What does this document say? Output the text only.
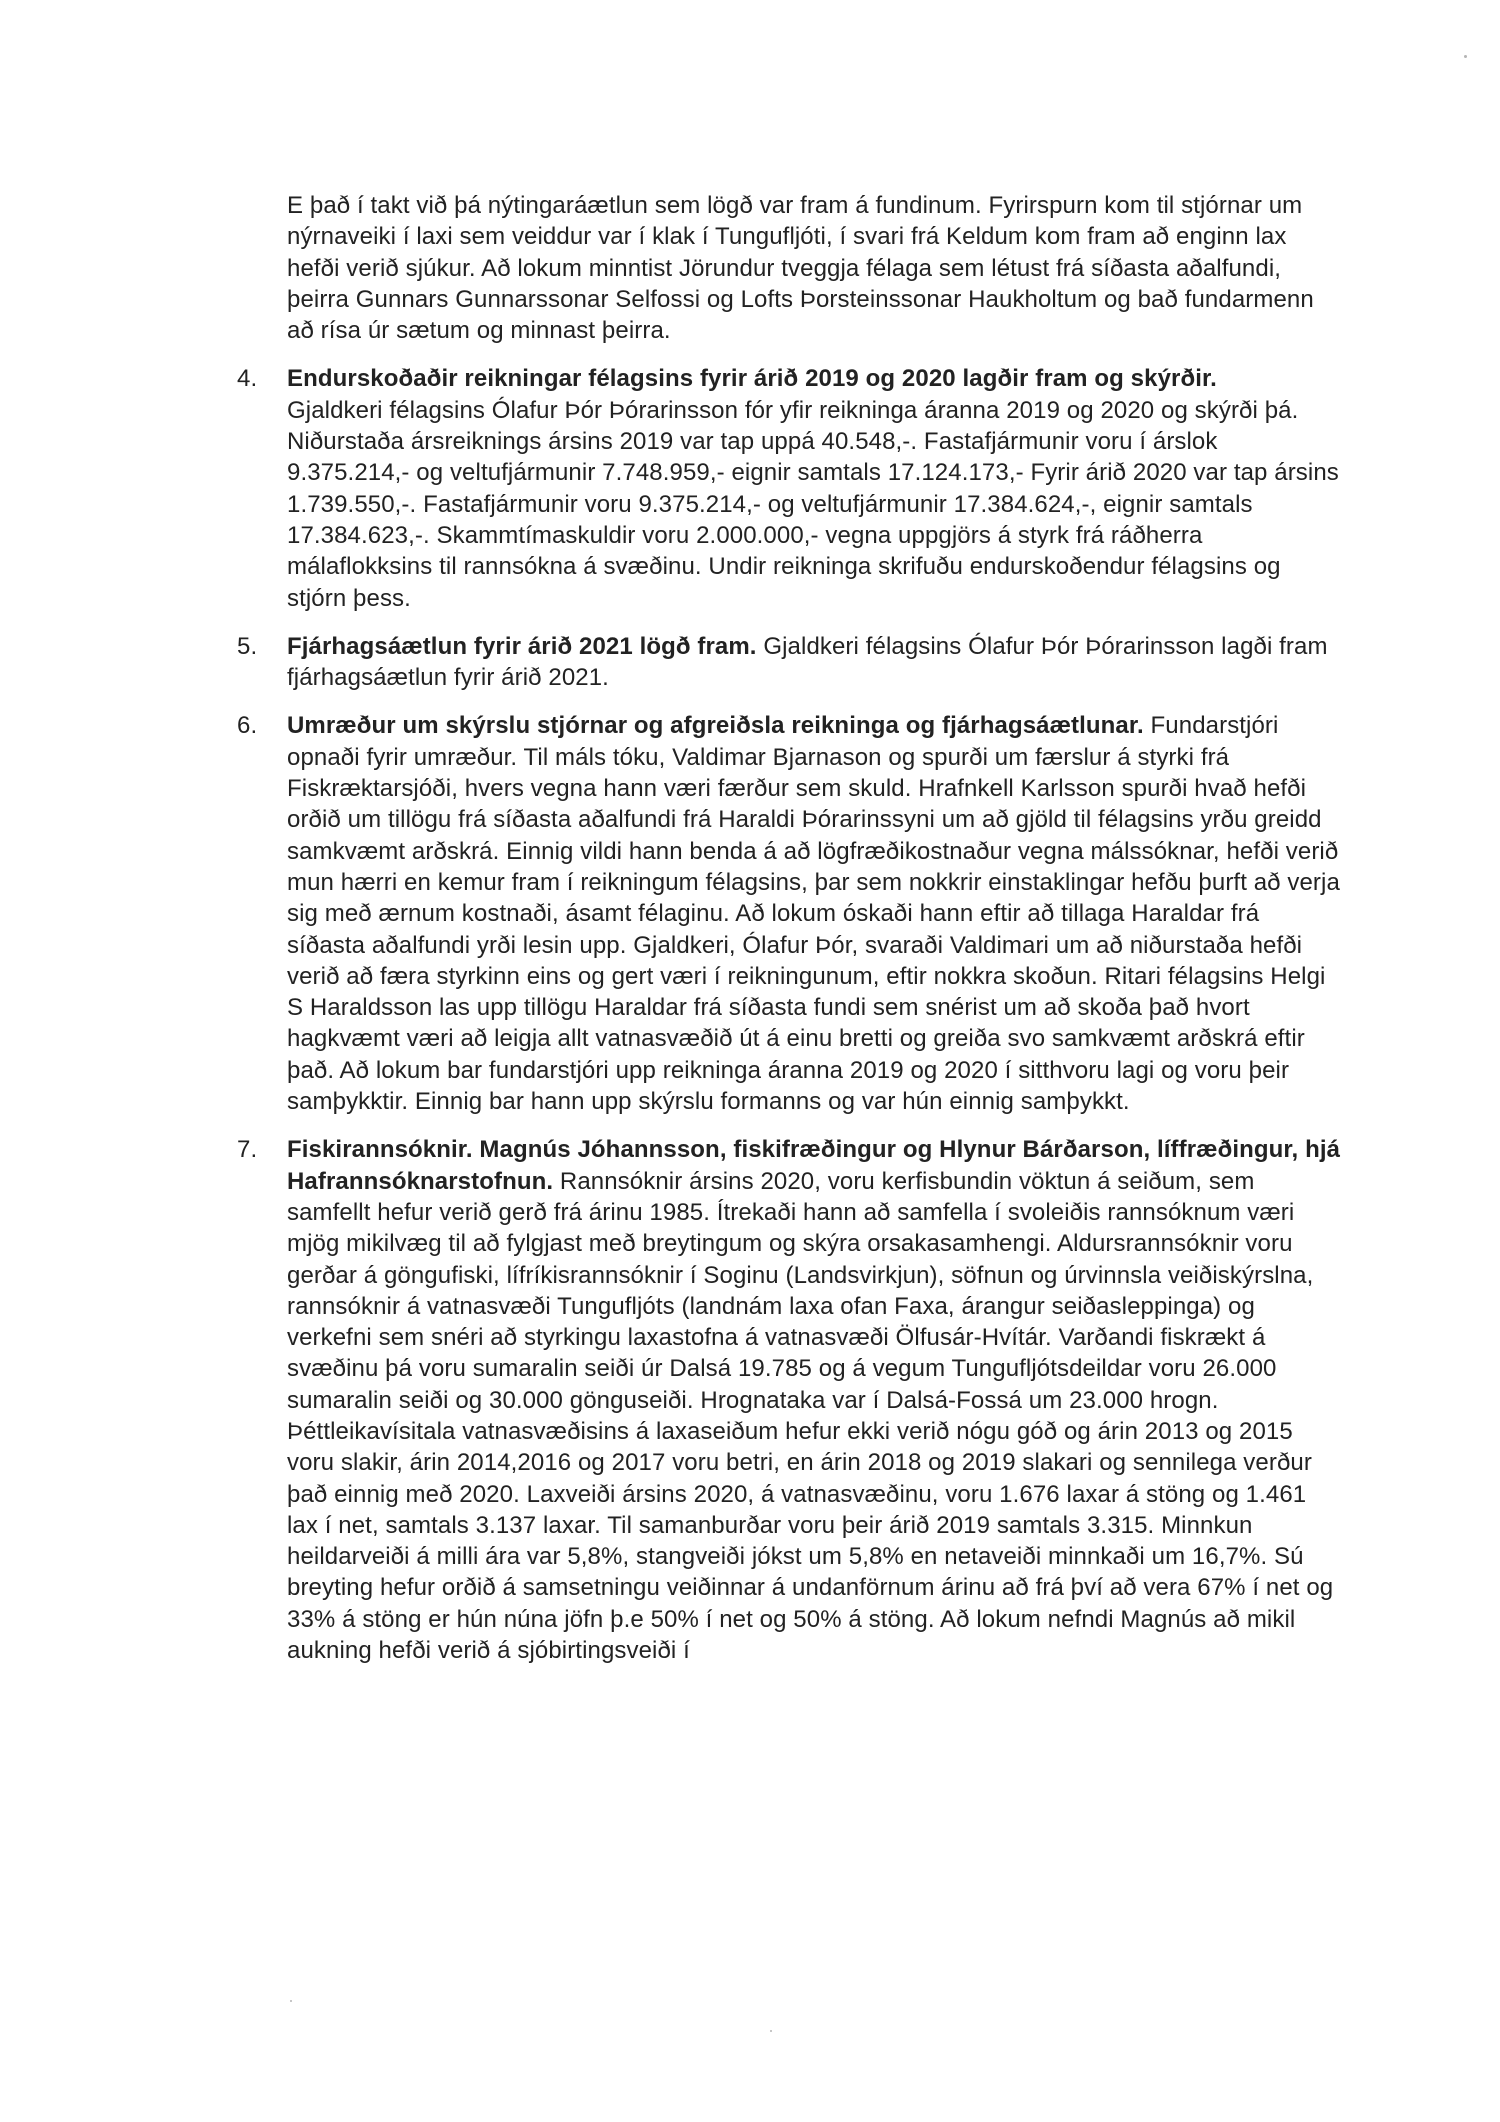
E það í takt við þá nýtingaráætlun sem lögð var fram á fundinum. Fyrirspurn kom til stjórnar um nýrnaveiki í laxi sem veiddur var í klak í Tungufljóti, í svari frá Keldum kom fram að enginn lax hefði verið sjúkur. Að lokum minntist Jörundur tveggja félaga sem létust frá síðasta aðalfundi, þeirra Gunnars Gunnarssonar Selfossi og Lofts Þorsteinssonar Haukholtum og bað fundarmenn að rísa úr sætum og minnast þeirra.

4. Endurskoðaðir reikningar félagsins fyrir árið 2019 og 2020 lagðir fram og skýrðir.
Gjaldkeri félagsins Ólafur Þór Þórarinsson fór yfir reikninga áranna 2019 og 2020 og skýrði þá. Niðurstaða ársreiknings ársins 2019 var tap uppá 40.548,-. Fastafjármunir voru í árslok 9.375.214,- og veltufjármunir 7.748.959,- eignir samtals 17.124.173,- Fyrir árið 2020 var tap ársins 1.739.550,-. Fastafjármunir voru 9.375.214,- og veltufjármunir 17.384.624,-, eignir samtals 17.384.623,-. Skammtímaskuldir voru 2.000.000,- vegna uppgjörs á styrk frá ráðherra málaflokksins til rannsókna á svæðinu. Undir reikninga skrifuðu endurskoðendur félagsins og stjórn þess.

5. Fjárhagsáætlun fyrir árið 2021 lögð fram. Gjaldkeri félagsins Ólafur Þór Þórarinsson lagði fram fjárhagsáætlun fyrir árið 2021.

6. Umræður um skýrslu stjórnar og afgreiðsla reikninga og fjárhagsáætlunar. Fundarstjóri opnaði fyrir umræður. Til máls tóku, Valdimar Bjarnason og spurði um færslur á styrki frá Fiskræktarsjóði, hvers vegna hann væri færður sem skuld. Hrafnkell Karlsson spurði hvað hefði orðið um tillögu frá síðasta aðalfundi frá Haraldi Þórarinssyni um að gjöld til félagsins yrðu greidd samkvæmt arðskrá. Einnig vildi hann benda á að lögfræðikostnaður vegna málssóknar, hefði verið mun hærri en kemur fram í reikningum félagsins, þar sem nokkrir einstaklingar hefðu þurft að verja sig með ærnum kostnaði, ásamt félaginu. Að lokum óskaði hann eftir að tillaga Haraldar frá síðasta aðalfundi yrði lesin upp. Gjaldkeri, Ólafur Þór, svaraði Valdimari um að niðurstaða hefði verið að færa styrkinn eins og gert væri í reikningunum, eftir nokkra skoðun. Ritari félagsins Helgi S Haraldsson las upp tillögu Haraldar frá síðasta fundi sem snérist um að skoða það hvort hagkvæmt væri að leigja allt vatnasvæðið út á einu bretti og greiða svo samkvæmt arðskrá eftir það. Að lokum bar fundarstjóri upp reikninga áranna 2019 og 2020 í sitthvoru lagi og voru þeir samþykktir. Einnig bar hann upp skýrslu formanns og var hún einnig samþykkt.

7. Fiskirannsóknir. Magnús Jóhannsson, fiskifræðingur og Hlynur Bárðarson, líffræðingur, hjá Hafrannsóknarstofnun. Rannsóknir ársins 2020, voru kerfisbundin vöktun á seiðum, sem samfellt hefur verið gerð frá árinu 1985. Ítrekaði hann að samfella í svoleiðis rannsóknum væri mjög mikilvæg til að fylgjast með breytingum og skýra orsakasamhengi. Aldursrannsóknir voru gerðar á göngufiski, lífríkisrannsóknir í Soginu (Landsvirkjun), söfnun og úrvinnsla veiðiskýrslna, rannsóknir á vatnasvæði Tungufljóts (landnám laxa ofan Faxa, árangur seiðasleppinga) og verkefni sem snéri að styrkingu laxastofna á vatnasvæði Ölfusár-Hvítár. Varðandi fiskrækt á svæðinu þá voru sumaralin seiði úr Dalsá 19.785 og á vegum Tungufljótsdeildar voru 26.000 sumaralin seiði og 30.000 gönguseiði. Hrognataka var í Dalsá-Fossá um 23.000 hrogn. Þéttleikavísitala vatnasvæðisins á laxaseiðum hefur ekki verið nógu góð og árin 2013 og 2015 voru slakir, árin 2014,2016 og 2017 voru betri, en árin 2018 og 2019 slakari og sennilega verður það einnig með 2020. Laxveiði ársins 2020, á vatnasvæðinu, voru 1.676 laxar á stöng og 1.461 lax í net, samtals 3.137 laxar. Til samanburðar voru þeir árið 2019 samtals 3.315. Minnkun heildarveiði á milli ára var 5,8%, stangveiði jókst um 5,8% en netaveiði minnkaði um 16,7%. Sú breyting hefur orðið á samsetningu veiðinnar á undanförnum árinu að frá því að vera 67% í net og 33% á stöng er hún núna jöfn þ.e 50% í net og 50% á stöng. Að lokum nefndi Magnús að mikil aukning hefði verið á sjóbirtingsveiði í
